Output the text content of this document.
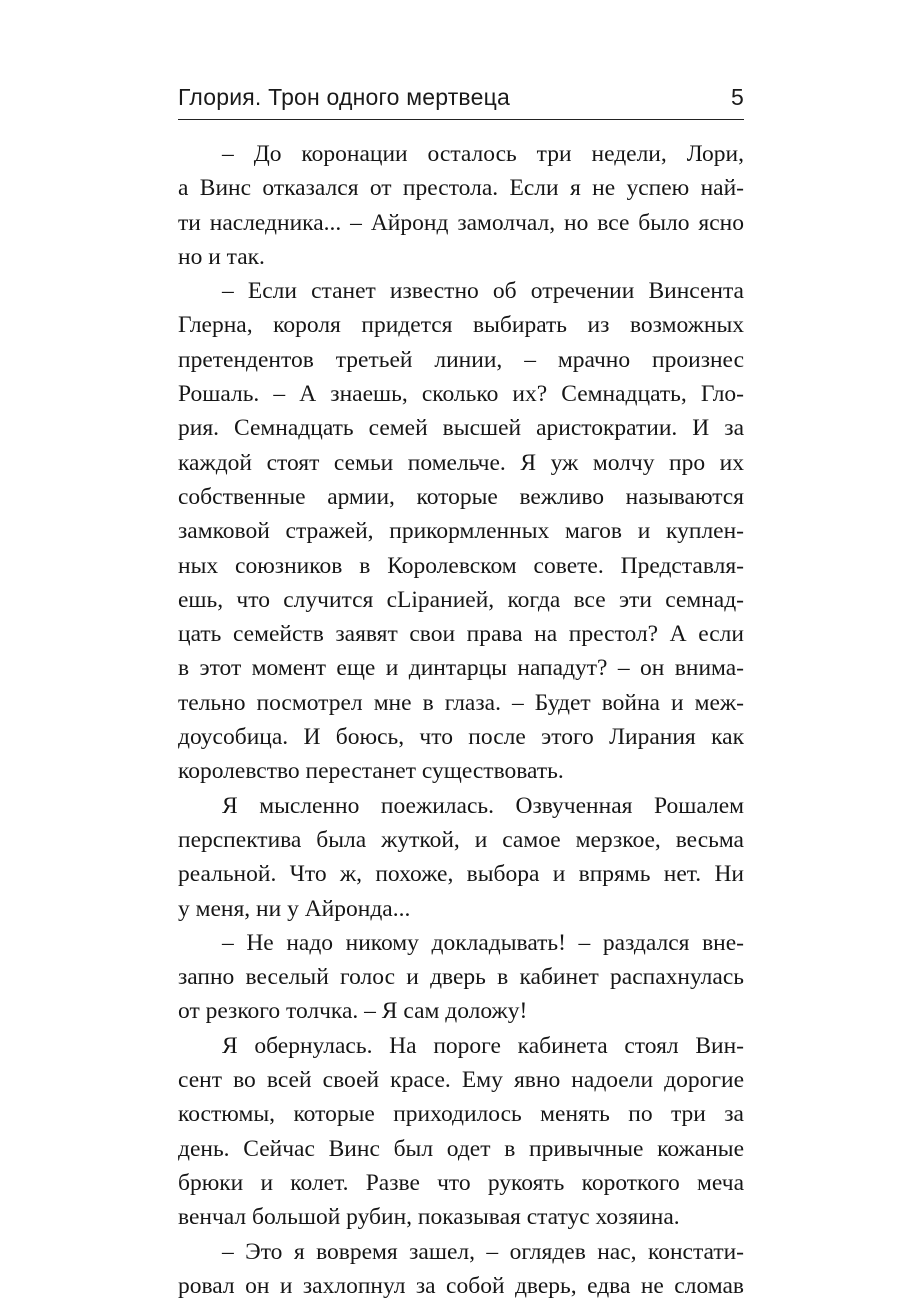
Глория. Трон одного мертвеца	5
– До коронации осталось три недели, Лори,
а Винс отказался от престола. Если я не успею най-
ти наследника... – Айронд замолчал, но все было ясно
но и так.
– Если станет известно об отречении Винсента
Глерна, короля придется выбирать из возможных
претендентов третьей линии, – мрачно произнес
Рошаль. – А знаешь, сколько их? Семнадцать, Гло-
рия. Семнадцать семей высшей аристократии. И за
каждой стоят семьи помельче. Я уж молчу про их
собственные армии, которые вежливо называются
замковой стражей, прикормленных магов и куплен-
ных союзников в Королевском совете. Представля-
ешь, что случится сLiранией, когда все эти семнад-
цать семейств заявят свои права на престол? А если
в этот момент еще и динтарцы нападут? – он внима-
тельно посмотрел мне в глаза. – Будет война и меж-
доусобица. И боюсь, что после этого Лирания как
королевство перестанет существовать.
Я мысленно поежилась. Озвученная Рошалем
перспектива была жуткой, и самое мерзкое, весьма
реальной. Что ж, похоже, выбора и впрямь нет. Ни
у меня, ни у Айронда...
– Не надо никому докладывать! – раздался вне-
запно веселый голос и дверь в кабинет распахнулась
от резкого толчка. – Я сам доложу!
Я обернулась. На пороге кабинета стоял Вин-
сент во всей своей красе. Ему явно надоели дорогие
костюмы, которые приходилось менять по три за
день. Сейчас Винс был одет в привычные кожаные
брюки и колет. Разве что рукоять короткого меча
венчал большой рубин, показывая статус хозяина.
– Это я вовремя зашел, – оглядев нас, констати-
ровал он и захлопнул за собой дверь, едва не сломав
